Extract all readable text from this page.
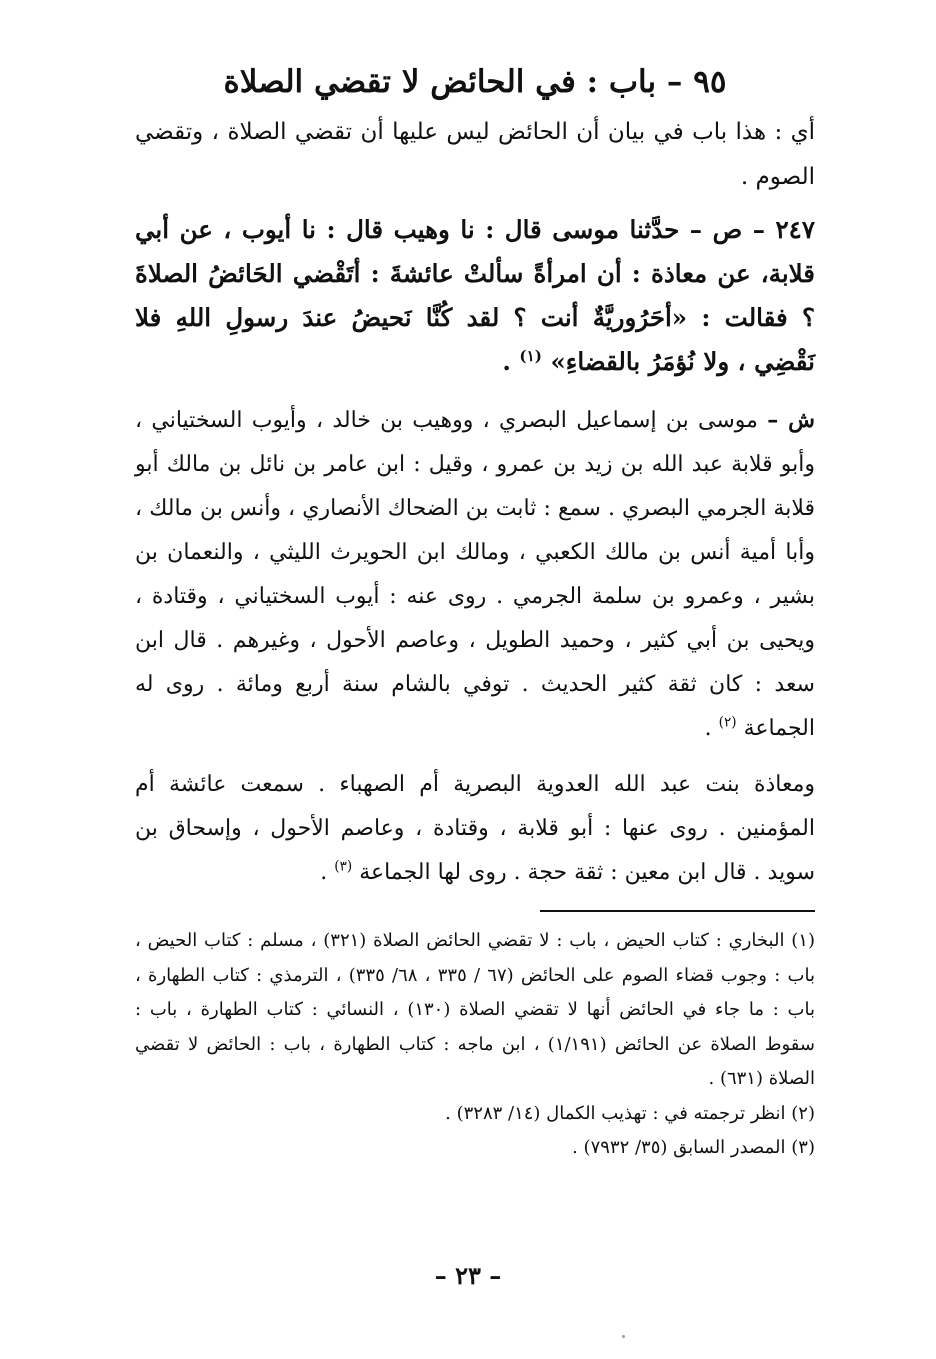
٩٥ – باب : في الحائض لا تقضي الصلاة

أي : هذا باب في بيان أن الحائض ليس عليها أن تقضي الصلاة ، وتقضي الصوم .

٢٤٧ – ص – حدَّثنا موسى قال : نا وهيب قال : نا أيوب ، عن أبي قلابة، عن معاذة : أن امرأةً سألتْ عائشةَ : أتَقْضي الحَائضُ الصلاةَ ؟ فقالت : «أحَرُوريَّةٌ أنت ؟ لقد كُنَّا نَحيضُ عندَ رسولِ اللهِ فلا نَقْضِي ، ولا نُؤمَرُ بالقضاءِ» $^{(١)}$ .

ش – موسى بن إسماعيل البصري ، ووهيب بن خالد ، وأيوب السختياني ، وأبو قلابة عبد الله بن زيد بن عمرو ، وقيل : ابن عامر بن نائل بن مالك أبو قلابة الجرمي البصري . سمع : ثابت بن الضحاك الأنصاري ، وأنس بن مالك ، وأبا أمية أنس بن مالك الكعبي ، ومالك ابن الحويرث الليثي ، والنعمان بن بشير ، وعمرو بن سلمة الجرمي . روى عنه : أيوب السختياني ، وقتادة ، ويحيى بن أبي كثير ، وحميد الطويل ، وعاصم الأحول ، وغيرهم . قال ابن سعد : كان ثقة كثير الحديث . توفي بالشام سنة أربع ومائة . روى له الجماعة $^{(٢)}$ .

ومعاذة بنت عبد الله العدوية البصرية أم الصهباء . سمعت عائشة أم المؤمنين . روى عنها : أبو قلابة ، وقتادة ، وعاصم الأحول ، وإسحاق بن سويد . قال ابن معين : ثقة حجة . روى لها الجماعة $^{(٣)}$ .

(١) البخاري : كتاب الحيض ، باب : لا تقضي الحائض الصلاة (٣٢١) ، مسلم : كتاب الحيض ، باب : وجوب قضاء الصوم على الحائض (٦٧ / ٣٣٥ ، ٦٨/ ٣٣٥) ، الترمذي : كتاب الطهارة ، باب : ما جاء في الحائض أنها لا تقضي الصلاة (١٣٠) ، النسائي : كتاب الطهارة ، باب : سقوط الصلاة عن الحائض (١/١٩١) ، ابن ماجه : كتاب الطهارة ، باب : الحائض لا تقضي الصلاة (٦٣١) .

(٢) انظر ترجمته في : تهذيب الكمال (١٤/ ٣٢٨٣) .

(٣) المصدر السابق (٣٥/ ٧٩٣٢) .

– ٢٣ –
